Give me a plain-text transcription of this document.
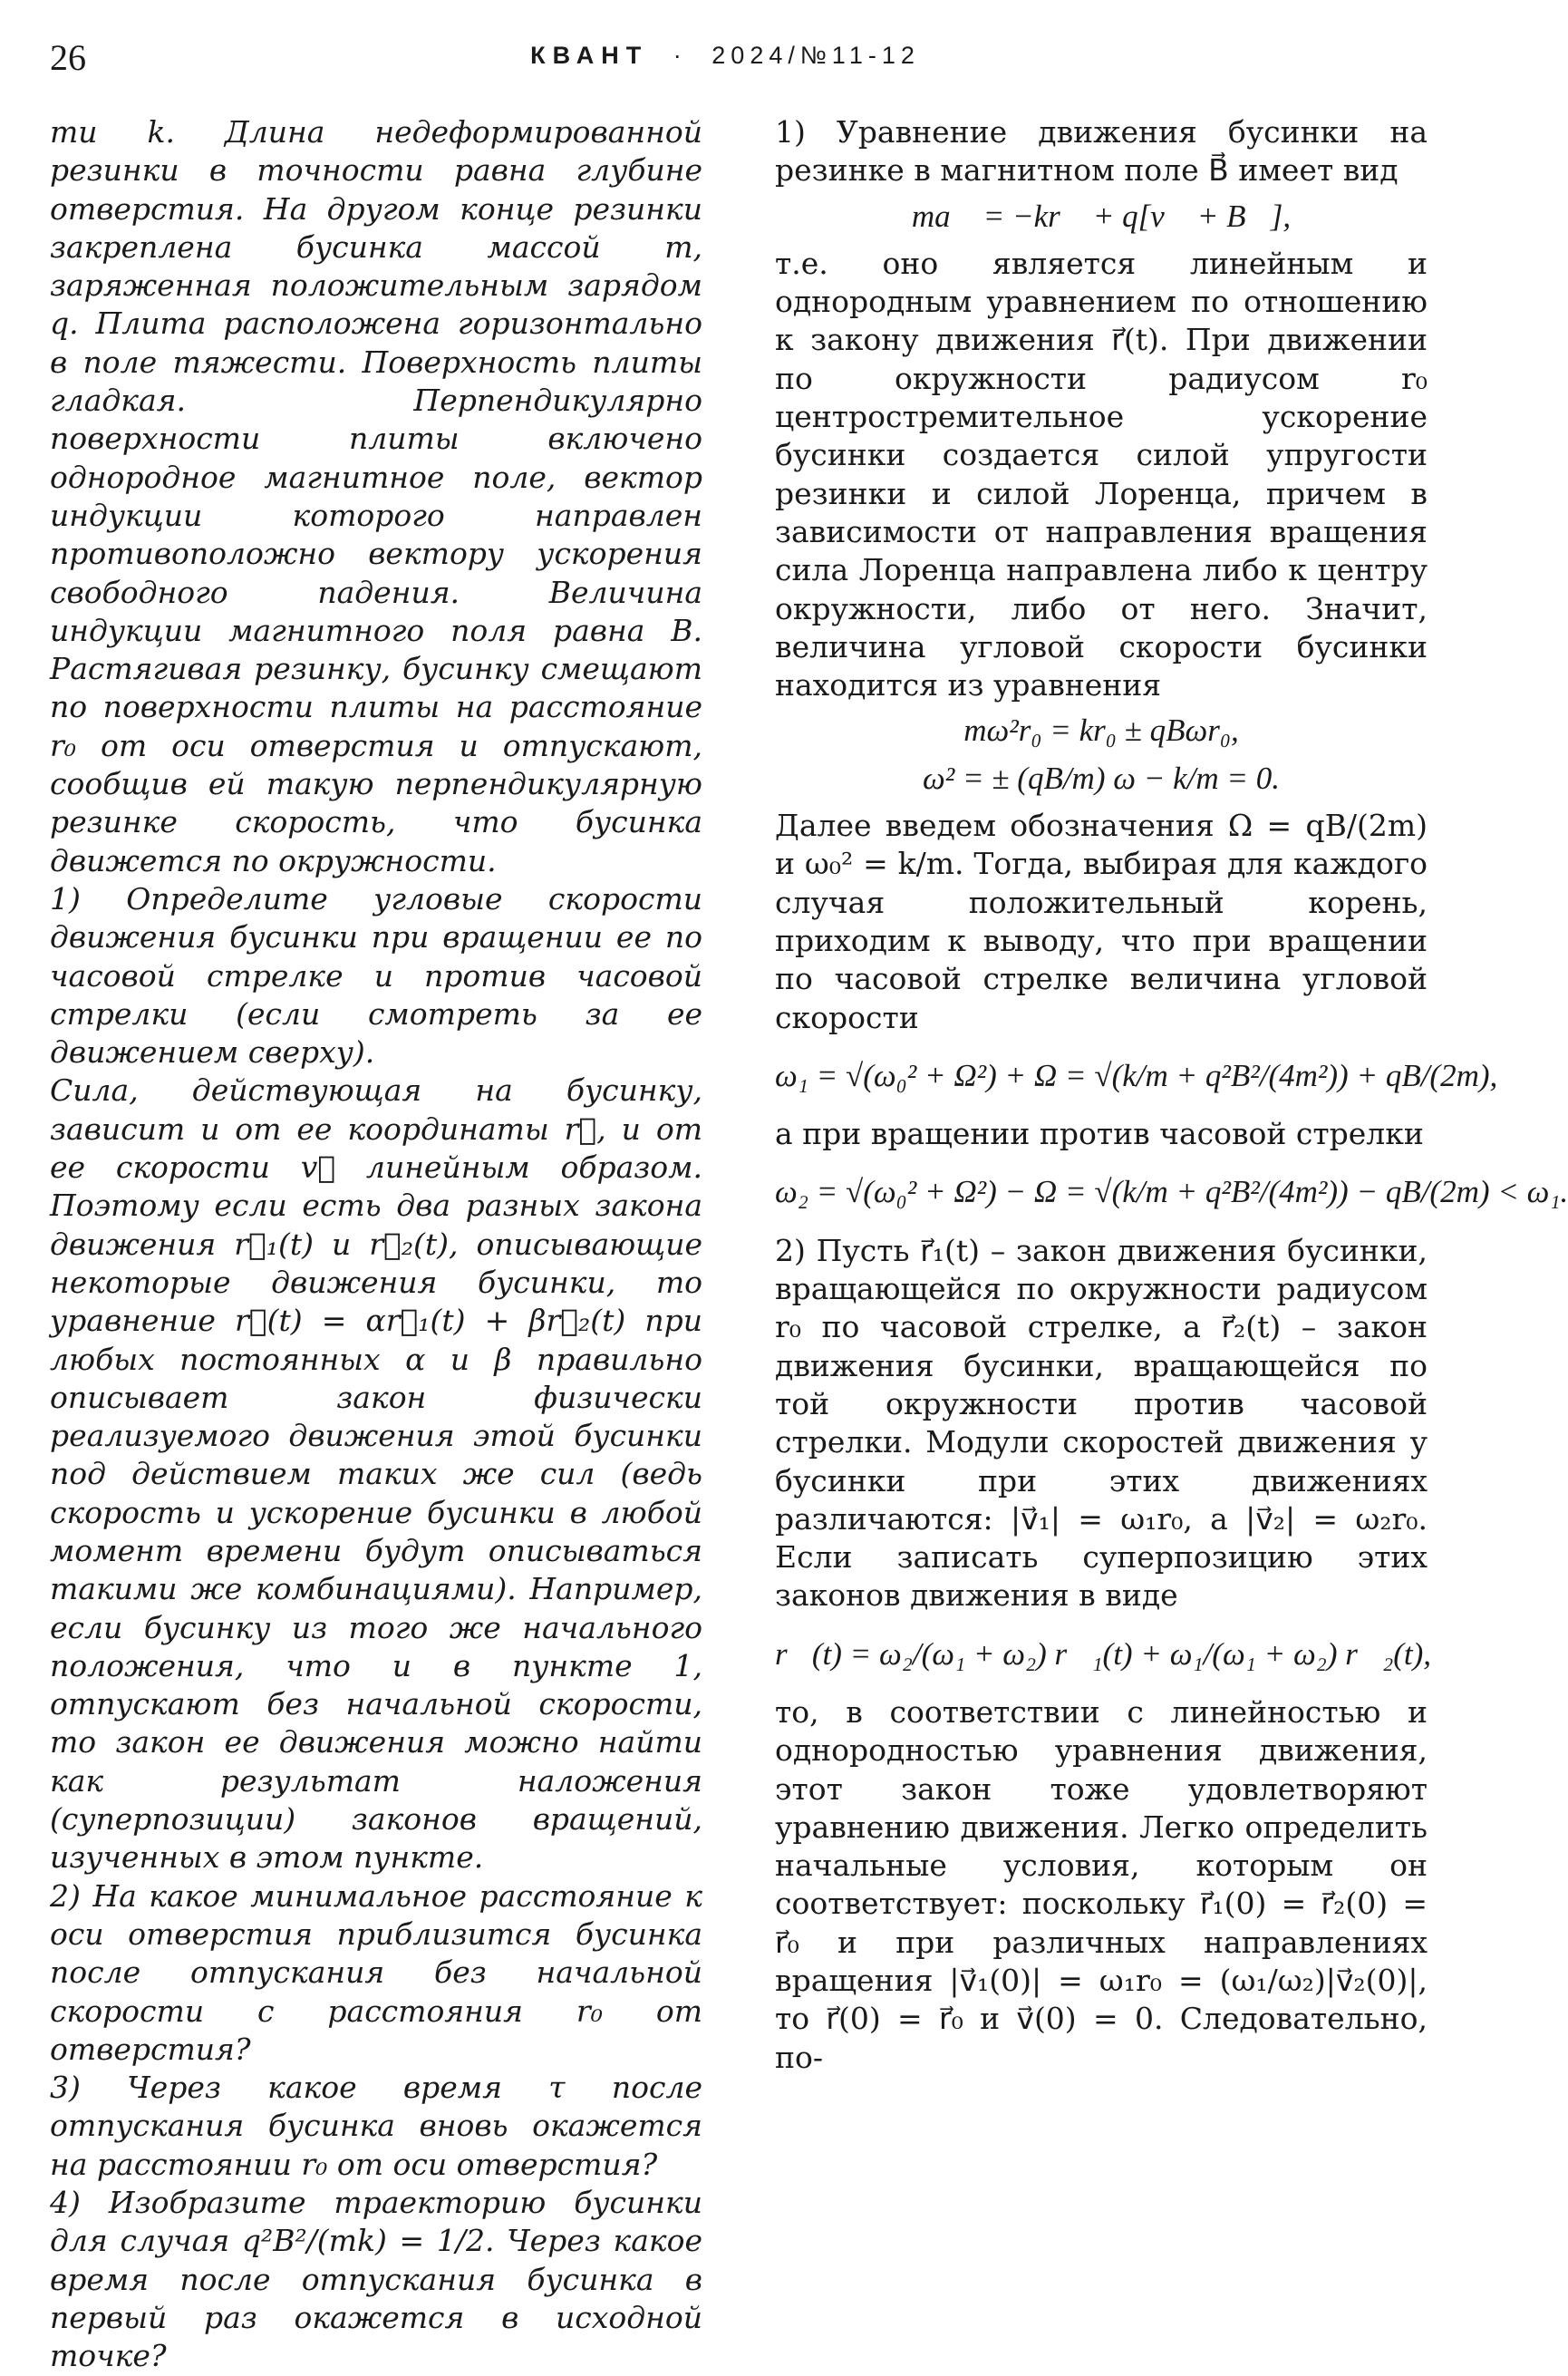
26	КВАНТ · 2024/№11-12

ти k. Длина недеформированной резинки в точности равна глубине отверстия. На другом конце резинки закреплена бусинка массой m, заряженная положительным зарядом q. Плита расположена горизонтально в поле тяжести. Поверхность плиты гладкая. Перпендикулярно поверхности плиты включено однородное магнитное поле, вектор индукции которого направлен противоположно вектору ускорения свободного падения. Величина индукции магнитного поля равна B. Растягивая резинку, бусинку смещают по поверхности плиты на расстояние r₀ от оси отверстия и отпускают, сообщив ей такую перпендикулярную резинке скорость, что бусинка движется по окружности.

1) Определите угловые скорости движения бусинки при вращении ее по часовой стрелке и против часовой стрелки (если смотреть за ее движением сверху).

Сила, действующая на бусинку, зависит и от ее координаты r⃗, и от ее скорости v⃗ линейным образом. Поэтому если есть два разных закона движения r⃗₁(t) и r⃗₂(t), описывающие некоторые движения бусинки, то уравнение r⃗(t) = αr⃗₁(t) + βr⃗₂(t) при любых постоянных α и β правильно описывает закон физически реализуемого движения этой бусинки под действием таких же сил (ведь скорость и ускорение бусинки в любой момент времени будут описываться такими же комбинациями). Например, если бусинку из того же начального положения, что и в пункте 1, отпускают без начальной скорости, то закон ее движения можно найти как результат наложения (суперпозиции) законов вращений, изученных в этом пункте.

2) На какое минимальное расстояние к оси отверстия приблизится бусинка после отпускания без начальной скорости с расстояния r₀ от отверстия?

3) Через какое время τ после отпускания бусинка вновь окажется на расстоянии r₀ от оси отверстия?

4) Изобразите траекторию бусинки для случая q²B²/(mk) = 1/2. Через какое время после отпускания бусинка в первый раз окажется в исходной точке?

1) Уравнение движения бусинки на резинке в магнитном поле B⃗ имеет вид

ma⃗ = −kr⃗ + q[v⃗ + B⃗],

т.е. оно является линейным и однородным уравнением по отношению к закону движения r⃗(t). При движении по окружности радиусом r₀ центростремительное ускорение бусинки создается силой упругости резинки и силой Лоренца, причем в зависимости от направления вращения сила Лоренца направлена либо к центру окружности, либо от него. Значит, величина угловой скорости бусинки находится из уравнения

mω²r₀ = kr₀ ± qBωr₀,
ω² = ± (qB/m) ω − k/m = 0.

Далее введем обозначения Ω = qB/(2m) и ω₀² = k/m. Тогда, выбирая для каждого случая положительный корень, приходим к выводу, что при вращении по часовой стрелке величина угловой скорости

ω₁ = √(ω₀² + Ω²) + Ω = √(k/m + q²B²/(4m²)) + qB/(2m),

а при вращении против часовой стрелки

ω₂ = √(ω₀² + Ω²) − Ω = √(k/m + q²B²/(4m²)) − qB/(2m) < ω₁.

2) Пусть r⃗₁(t) – закон движения бусинки, вращающейся по окружности радиусом r₀ по часовой стрелке, а r⃗₂(t) – закон движения бусинки, вращающейся по той окружности против часовой стрелки. Модули скоростей движения у бусинки при этих движениях различаются: |v⃗₁| = ω₁r₀, а |v⃗₂| = ω₂r₀. Если записать суперпозицию этих законов движения в виде

r⃗(t) = ω₂/(ω₁ + ω₂) r⃗₁(t) + ω₁/(ω₁ + ω₂) r⃗₂(t),

то, в соответствии с линейностью и однородностью уравнения движения, этот закон тоже удовлетворяют уравнению движения. Легко определить начальные условия, которым он соответствует: поскольку r⃗₁(0) = r⃗₂(0) = r⃗₀ и при различных направлениях вращения |v⃗₁(0)| = ω₁r₀ = (ω₁/ω₂)|v⃗₂(0)|, то r⃗(0) = r⃗₀ и v⃗(0) = 0. Следовательно, по-
